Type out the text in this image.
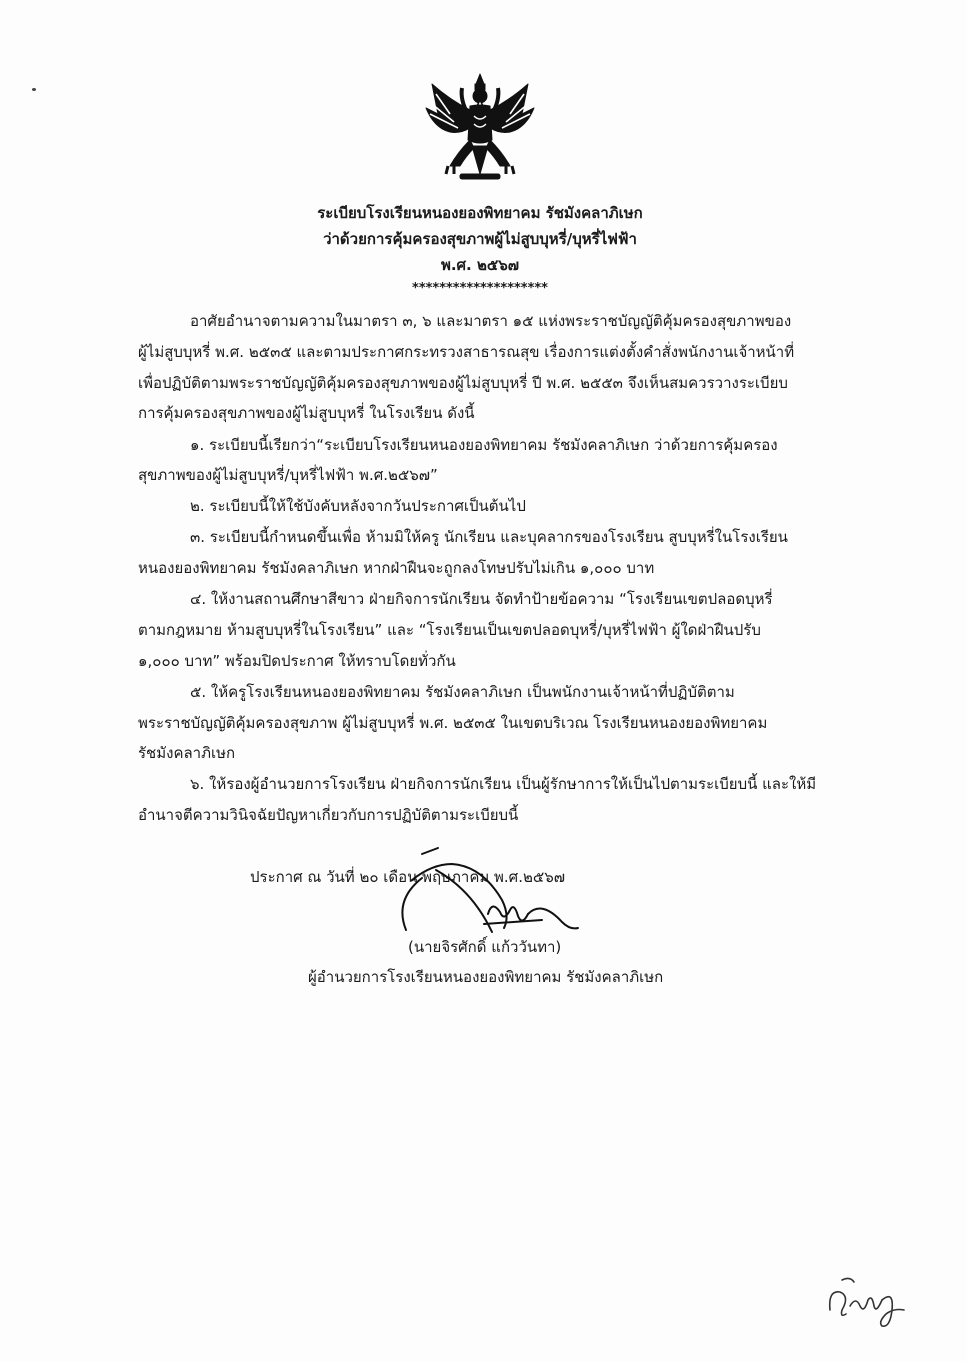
ระเบียบโรงเรียนหนองยองพิทยาคม รัชมังคลาภิเษก
ว่าด้วยการคุ้มครองสุขภาพผู้ไม่สูบบุหรี่/บุหรี่ไฟฟ้า
พ.ศ. ๒๕๖๗
********************
อาศัยอำนาจตามความในมาตรา ๓, ๖ และมาตรา ๑๕ แห่งพระราชบัญญัติคุ้มครองสุขภาพของ
ผู้ไม่สูบบุหรี่ พ.ศ. ๒๕๓๕ และตามประกาศกระทรวงสาธารณสุข เรื่องการแต่งตั้งคำสั่งพนักงานเจ้าหน้าที่
เพื่อปฏิบัติตามพระราชบัญญัติคุ้มครองสุขภาพของผู้ไม่สูบบุหรี่ ปี พ.ศ. ๒๕๕๓ จึงเห็นสมควรวางระเบียบ
การคุ้มครองสุขภาพของผู้ไม่สูบบุหรี่ ในโรงเรียน ดังนี้
๑. ระเบียบนี้เรียกว่า“ระเบียบโรงเรียนหนองยองพิทยาคม รัชมังคลาภิเษก ว่าด้วยการคุ้มครอง
สุขภาพของผู้ไม่สูบบุหรี่/บุหรี่ไฟฟ้า พ.ศ.๒๕๖๗”
๒. ระเบียบนี้ให้ใช้บังคับหลังจากวันประกาศเป็นต้นไป
๓. ระเบียบนี้กำหนดขึ้นเพื่อ ห้ามมิให้ครู นักเรียน และบุคลากรของโรงเรียน สูบบุหรี่ในโรงเรียน
หนองยองพิทยาคม รัชมังคลาภิเษก หากฝ่าฝืนจะถูกลงโทษปรับไม่เกิน ๑,๐๐๐ บาท
๔. ให้งานสถานศึกษาสีขาว ฝ่ายกิจการนักเรียน จัดทำป้ายข้อความ “โรงเรียนเขตปลอดบุหรี่
ตามกฎหมาย ห้ามสูบบุหรี่ในโรงเรียน” และ “โรงเรียนเป็นเขตปลอดบุหรี่/บุหรี่ไฟฟ้า ผู้ใดฝ่าฝืนปรับ
๑,๐๐๐ บาท” พร้อมปิดประกาศ ให้ทราบโดยทั่วกัน
๕. ให้ครูโรงเรียนหนองยองพิทยาคม รัชมังคลาภิเษก เป็นพนักงานเจ้าหน้าที่ปฏิบัติตาม
พระราชบัญญัติคุ้มครองสุขภาพ ผู้ไม่สูบบุหรี่ พ.ศ. ๒๕๓๕ ในเขตบริเวณ โรงเรียนหนองยองพิทยาคม
รัชมังคลาภิเษก
๖. ให้รองผู้อำนวยการโรงเรียน ฝ่ายกิจการนักเรียน เป็นผู้รักษาการให้เป็นไปตามระเบียบนี้ และให้มี
อำนาจตีความวินิจฉัยปัญหาเกี่ยวกับการปฏิบัติตามระเบียบนี้
ประกาศ ณ วันที่ ๒๐ เดือน พฤษภาคม พ.ศ.๒๕๖๗
(นายจิรศักดิ์ แก้ววันทา)
ผู้อำนวยการโรงเรียนหนองยองพิทยาคม รัชมังคลาภิเษก
